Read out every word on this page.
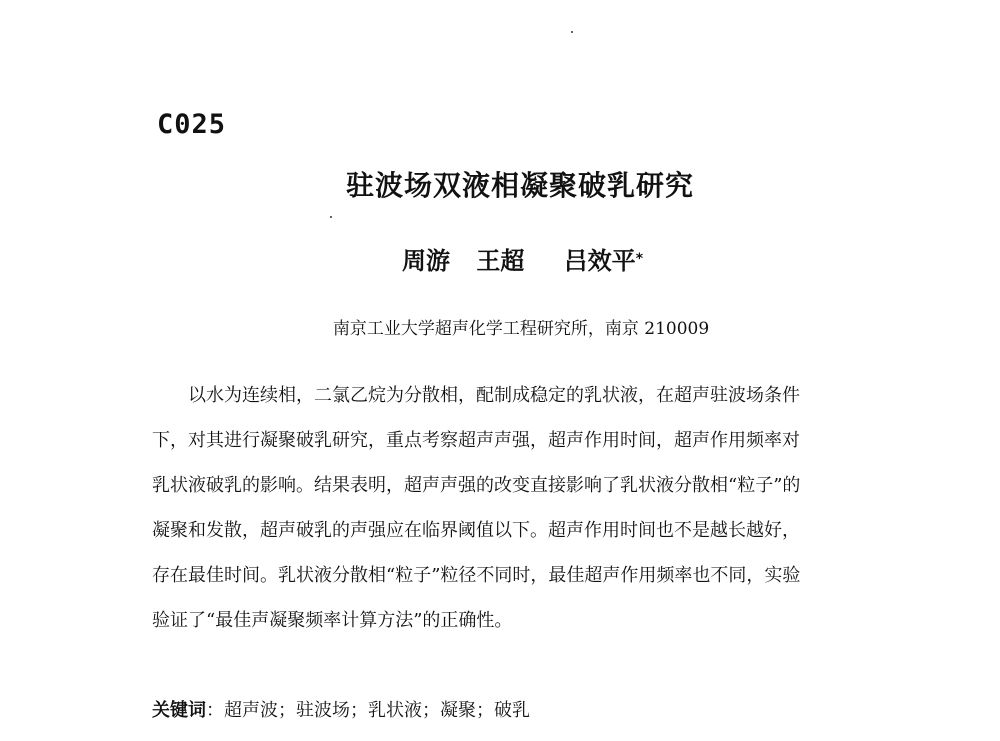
C025
驻波场双液相凝聚破乳研究
周游 王超 吕效平*
南京工业大学超声化学工程研究所，南京 210009
以水为连续相，二氯乙烷为分散相，配制成稳定的乳状液，在超声驻波场条件
下，对其进行凝聚破乳研究，重点考察超声声强，超声作用时间，超声作用频率对
乳状液破乳的影响。结果表明，超声声强的改变直接影响了乳状液分散相“粒子”的
凝聚和发散，超声破乳的声强应在临界阈值以下。超声作用时间也不是越长越好，
存在最佳时间。乳状液分散相“粒子”粒径不同时，最佳超声作用频率也不同，实验
验证了“最佳声凝聚频率计算方法”的正确性。
关键词：超声波；驻波场；乳状液；凝聚；破乳
